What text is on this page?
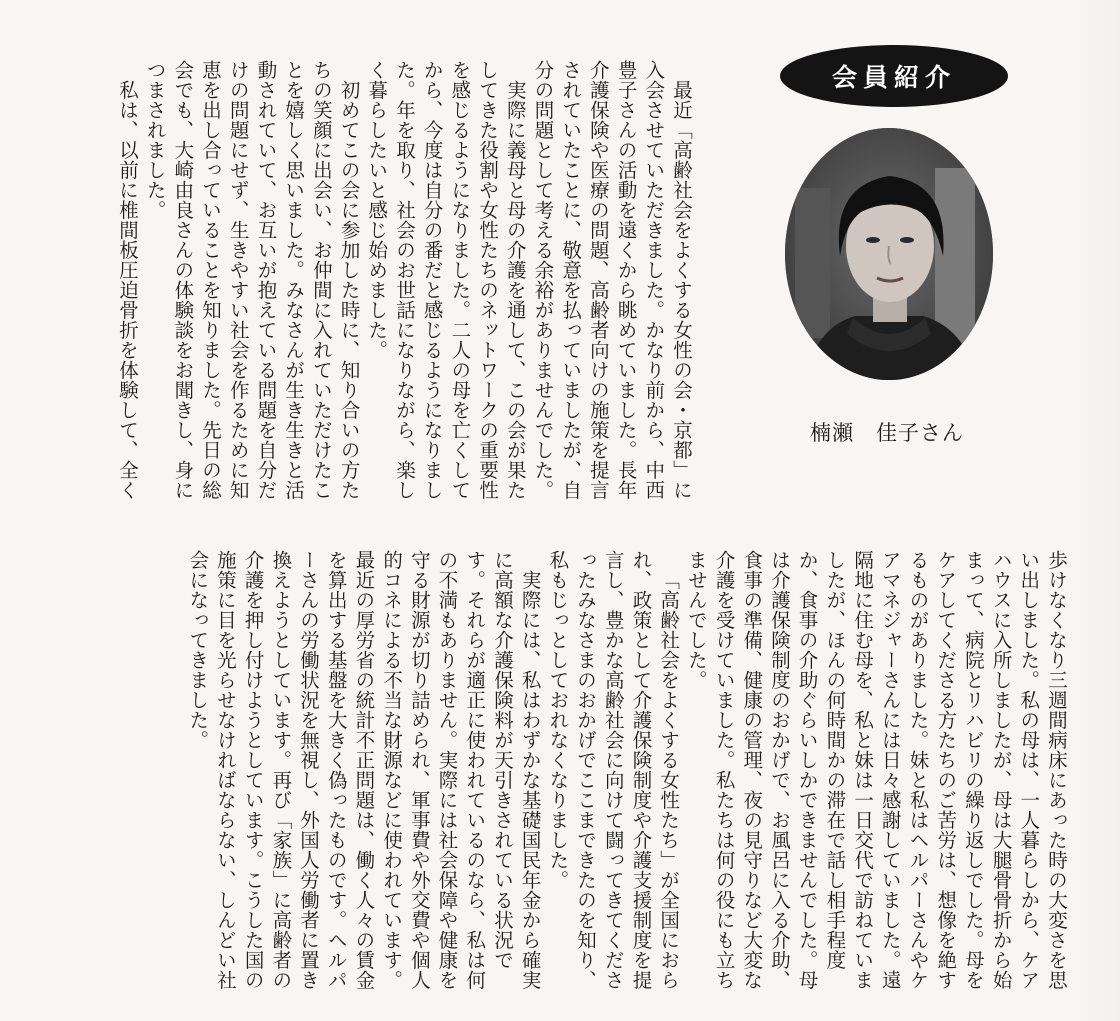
会員紹介
楠瀬　佳子さん

最近「高齢社会をよくする女性の会・京都」に入会させていただきました。かなり前から、中西豊子さんの活動を遠くから眺めていました。長年介護保険や医療の問題、高齢者向けの施策を提言されていたことに、敬意を払っていましたが、自分の問題として考える余裕がありませんでした。

実際に義母と母の介護を通して、この会が果たしてきた役割や女性たちのネットワークの重要性を感じるようになりました。二人の母を亡くしてから、今度は自分の番だと感じるようになりました。年を取り、社会のお世話になりながら、楽しく暮らしたいと感じ始めました。

初めてこの会に参加した時に、知り合いの方たちの笑顔に出会い、お仲間に入れていただけたことを嬉しく思いました。みなさんが生き生きと活動されていて、お互いが抱えている問題を自分だけの問題にせず、生きやすい社会を作るために知恵を出し合っていることを知りました。先日の総会でも、大崎由良さんの体験談をお聞きし、身につまされました。

私は、以前に椎間板圧迫骨折を体験して、全く

歩けなくなり三週間病床にあった時の大変さを思い出しました。私の母は、一人暮らしから、ケアハウスに入所しましたが、母は大腿骨骨折から始まって、病院とリハビリの繰り返しでした。母をケアしてくださる方たちのご苦労は、想像を絶するものがありました。妹と私はヘルパーさんやケアマネジャーさんには日々感謝していました。遠隔地に住む母を、私と妹は一日交代で訪ねていましたが、ほんの何時間かの滞在で話し相手程度か、食事の介助ぐらいしかできませんでした。母は介護保険制度のおかげで、お風呂に入る介助、食事の準備、健康の管理、夜の見守りなど大変な介護を受けていました。私たちは何の役にも立ちませんでした。

「高齢社会をよくする女性たち」が全国におられ、政策として介護保険制度や介護支援制度を提言し、豊かな高齢社会に向けて闘ってきてくださったみなさまのおかげでここまできたのを知り、私もじっとしておれなくなりました。

実際には、私はわずかな基礎国民年金から確実に高額な介護保険料が天引きされている状況です。それらが適正に使われているのなら、私は何の不満もありません。実際には社会保障や健康を守る財源が切り詰められ、軍事費や外交費や個人的コネによる不当な財源などに使われています。最近の厚労省の統計不正問題は、働く人々の賃金を算出する基盤を大きく偽ったものです。ヘルパーさんの労働状況を無視し、外国人労働者に置き換えようとしています。再び「家族」に高齢者の介護を押し付けようとしています。こうした国の施策に目を光らせなければならない、しんどい社会になってきました。
